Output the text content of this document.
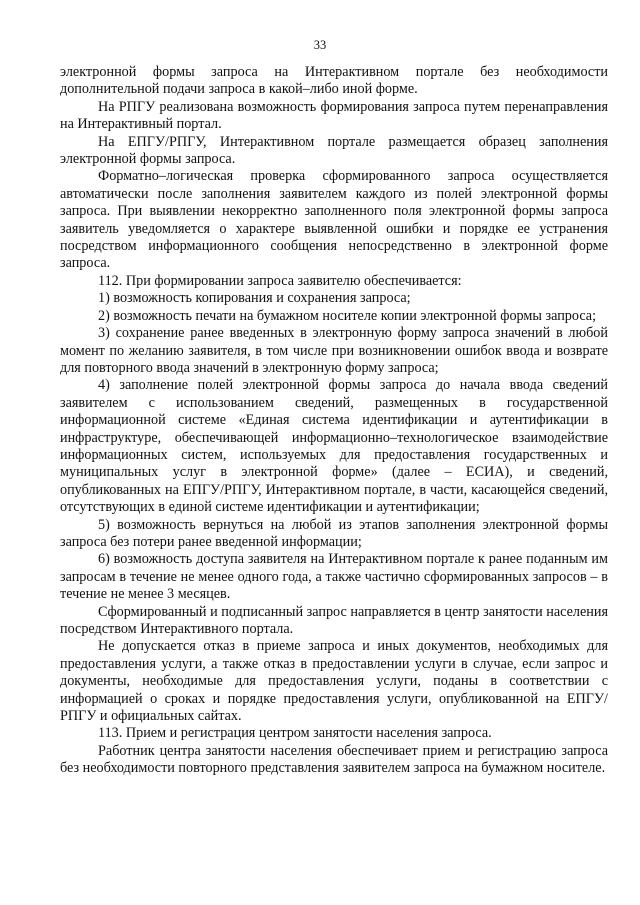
33

электронной формы запроса на Интерактивном портале без необходимости дополнительной подачи запроса в какой–либо иной форме.

На РПГУ реализована возможность формирования запроса путем перенаправления на Интерактивный портал.

На ЕПГУ/РПГУ, Интерактивном портале размещается образец заполнения электронной формы запроса.

Форматно–логическая проверка сформированного запроса осуществляется автоматически после заполнения заявителем каждого из полей электронной формы запроса. При выявлении некорректно заполненного поля электронной формы запроса заявитель уведомляется о характере выявленной ошибки и порядке ее устранения посредством информационного сообщения непосредственно в электронной форме запроса.

112. При формировании запроса заявителю обеспечивается:

1) возможность копирования и сохранения запроса;

2) возможность печати на бумажном носителе копии электронной формы запроса;

3) сохранение ранее введенных в электронную форму запроса значений в любой момент по желанию заявителя, в том числе при возникновении ошибок ввода и возврате для повторного ввода значений в электронную форму запроса;

4) заполнение полей электронной формы запроса до начала ввода сведений заявителем с использованием сведений, размещенных в государственной информационной системе «Единая система идентификации и аутентификации в инфраструктуре, обеспечивающей информационно–технологическое взаимодействие информационных систем, используемых для предоставления государственных и муниципальных услуг в электронной форме» (далее – ЕСИА), и сведений, опубликованных на ЕПГУ/РПГУ, Интерактивном портале, в части, касающейся сведений, отсутствующих в единой системе идентификации и аутентификации;

5) возможность вернуться на любой из этапов заполнения электронной формы запроса без потери ранее введенной информации;

6) возможность доступа заявителя на Интерактивном портале к ранее поданным им запросам в течение не менее одного года, а также частично сформированных запросов – в течение не менее 3 месяцев.

Сформированный и подписанный запрос направляется в центр занятости населения посредством Интерактивного портала.

Не допускается отказ в приеме запроса и иных документов, необходимых для предоставления услуги, а также отказ в предоставлении услуги в случае, если запрос и документы, необходимые для предоставления услуги, поданы в соответствии с информацией о сроках и порядке предоставления услуги, опубликованной на ЕПГУ/РПГУ и официальных сайтах.

113. Прием и регистрация центром занятости населения запроса.

Работник центра занятости населения обеспечивает прием и регистрацию запроса без необходимости повторного представления заявителем запроса на бумажном носителе.
